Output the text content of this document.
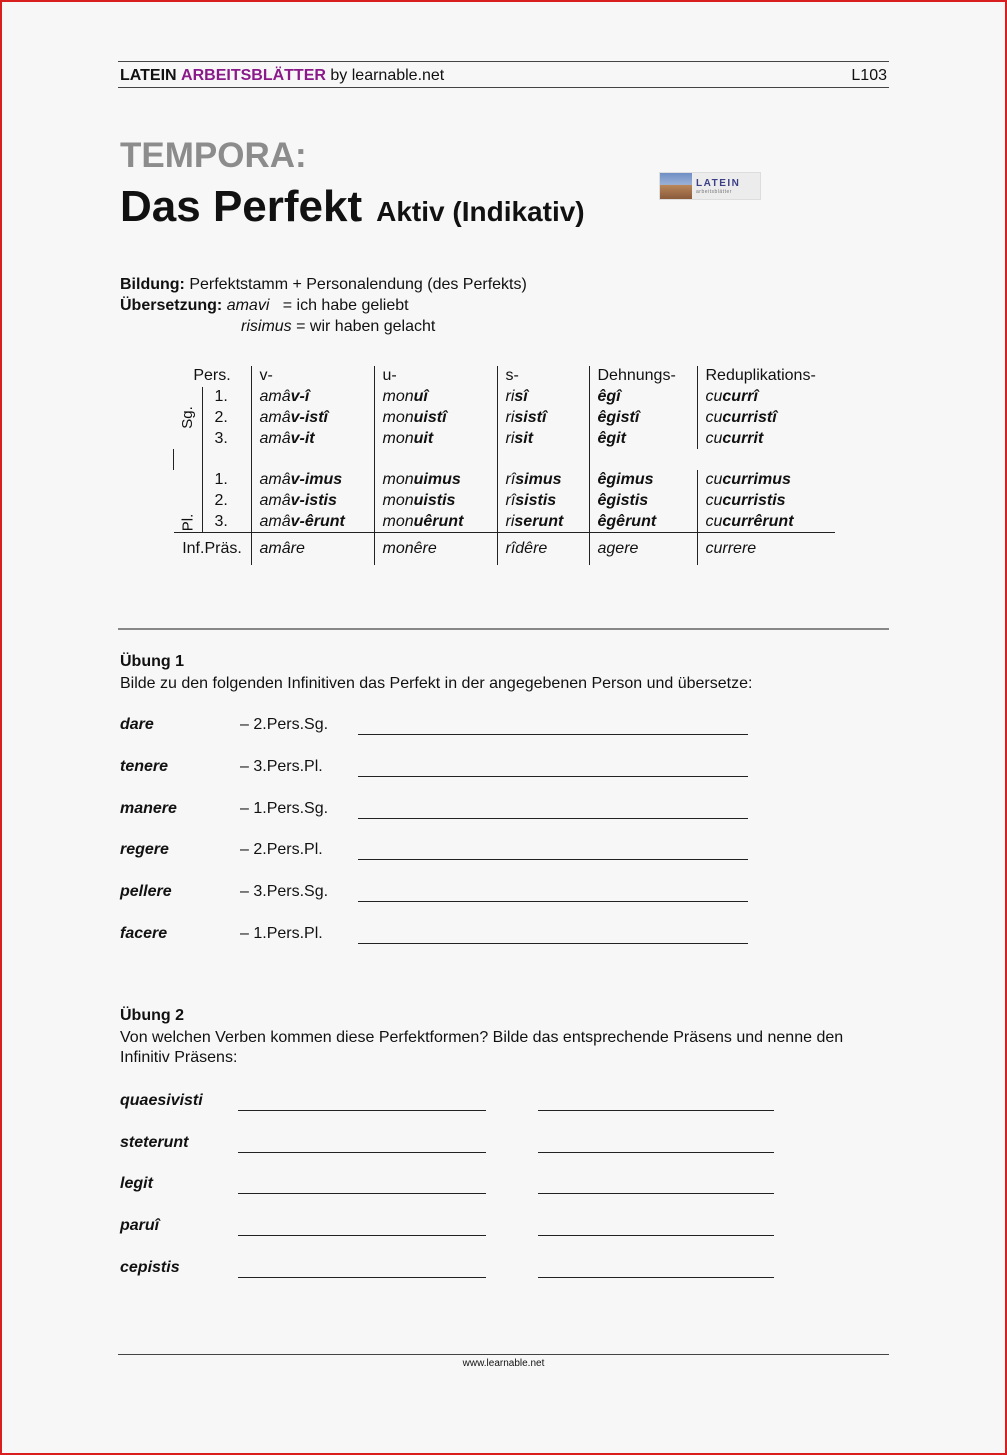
LATEIN ARBEITSBLÄTTER by learnable.net	L103
TEMPORA:
Das Perfekt Aktiv (Indikativ)
LATEIN
arbeitsblätter
Bildung: Perfektstamm + Personalendung (des Perfekts)
Übersetzung: amavi = ich habe geliebt
risimus = wir haben gelacht
Pers.		v-	u-	s-	Dehnungs-	Reduplikations-
Sg.	1.	amâv-î	monuî	risî	êgî	cucurrî
	2.	amâv-istî	monuistî	risistî	êgistî	cucurristî
	3.	amâv-it	monuit	risit	êgit	cucurrit

Pl.	1.	amâv-imus	monuimus	rîsimus	êgimus	cucurrimus
	2.	amâv-istis	monuistis	rîsistis	êgistis	cucurristis
	3.	amâv-êrunt	monuêrunt	riserunt	êgêrunt	cucurrêrunt
Inf.Präs.		amâre	monêre	rîdêre	agere	currere
Übung 1
Bilde zu den folgenden Infinitiven das Perfekt in der angegebenen Person und übersetze:
dare	– 2.Pers.Sg.
tenere	– 3.Pers.Pl.
manere	– 1.Pers.Sg.
regere	– 2.Pers.Pl.
pellere	– 3.Pers.Sg.
facere	– 1.Pers.Pl.
Übung 2
Von welchen Verben kommen diese Perfektformen? Bilde das entsprechende Präsens und nenne den Infinitiv Präsens:
quaesivisti
steterunt
legit
paruî
cepistis
www.learnable.net
